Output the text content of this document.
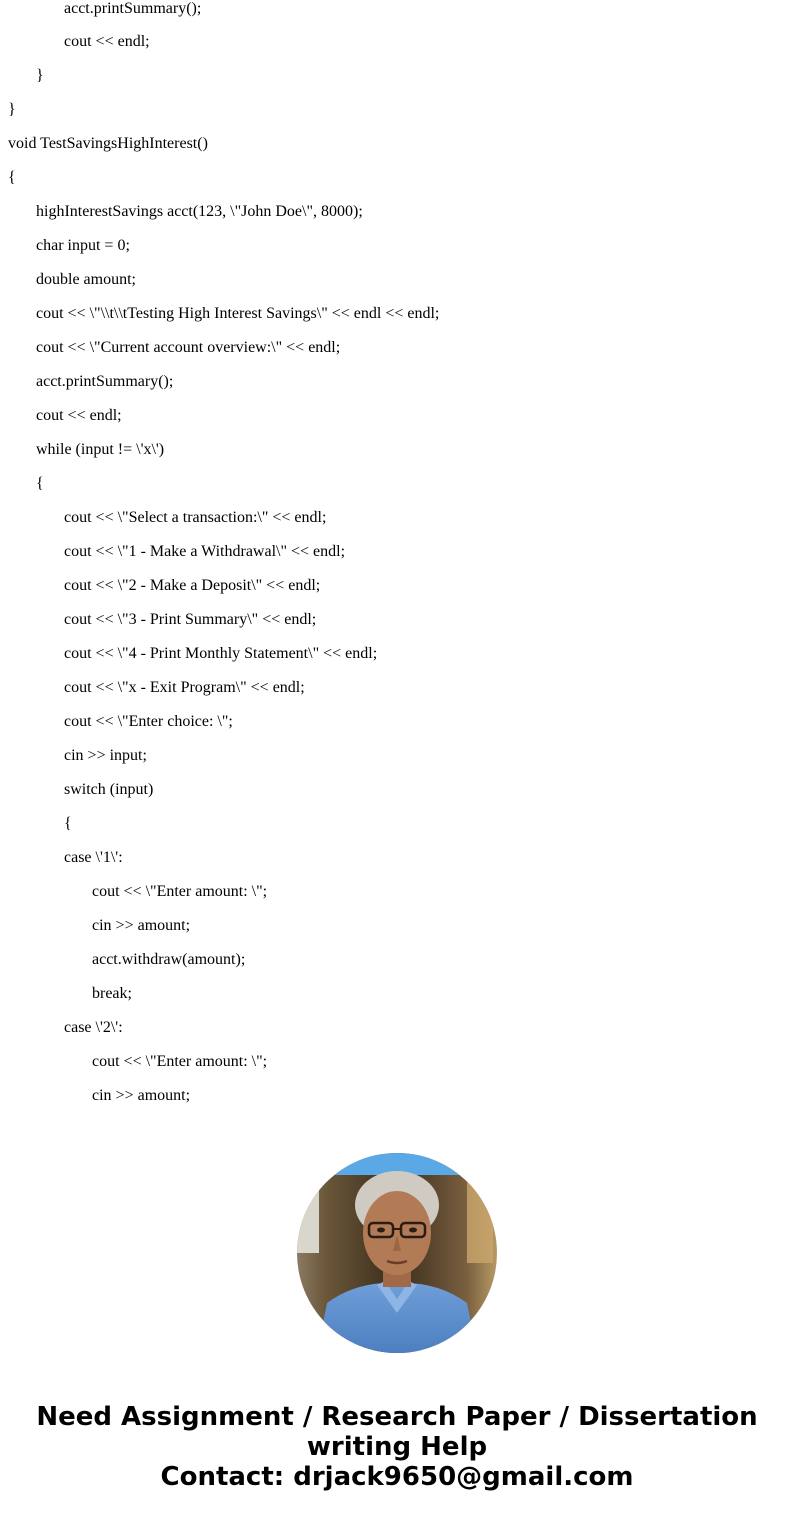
acct.printSummary();
cout << endl;
}
}
void TestSavingsHighInterest()
{
highInterestSavings acct(123, \"John Doe\", 8000);
char input = 0;
double amount;
cout << \"\\t\\tTesting High Interest Savings\" << endl << endl;
cout << \"Current account overview:\" << endl;
acct.printSummary();
cout << endl;
while (input != \'x\')
{
cout << \"Select a transaction:\" << endl;
cout << \"1 - Make a Withdrawal\" << endl;
cout << \"2 - Make a Deposit\" << endl;
cout << \"3 - Print Summary\" << endl;
cout << \"4 - Print Monthly Statement\" << endl;
cout << \"x - Exit Program\" << endl;
cout << \"Enter choice: \";
cin >> input;
switch (input)
{
case \'1\':
cout << \"Enter amount: \";
cin >> amount;
acct.withdraw(amount);
break;
case \'2\':
cout << \"Enter amount: \";
cin >> amount;
Need Assignment / Research Paper / Dissertation
writing Help
Contact: drjack9650@gmail.com
